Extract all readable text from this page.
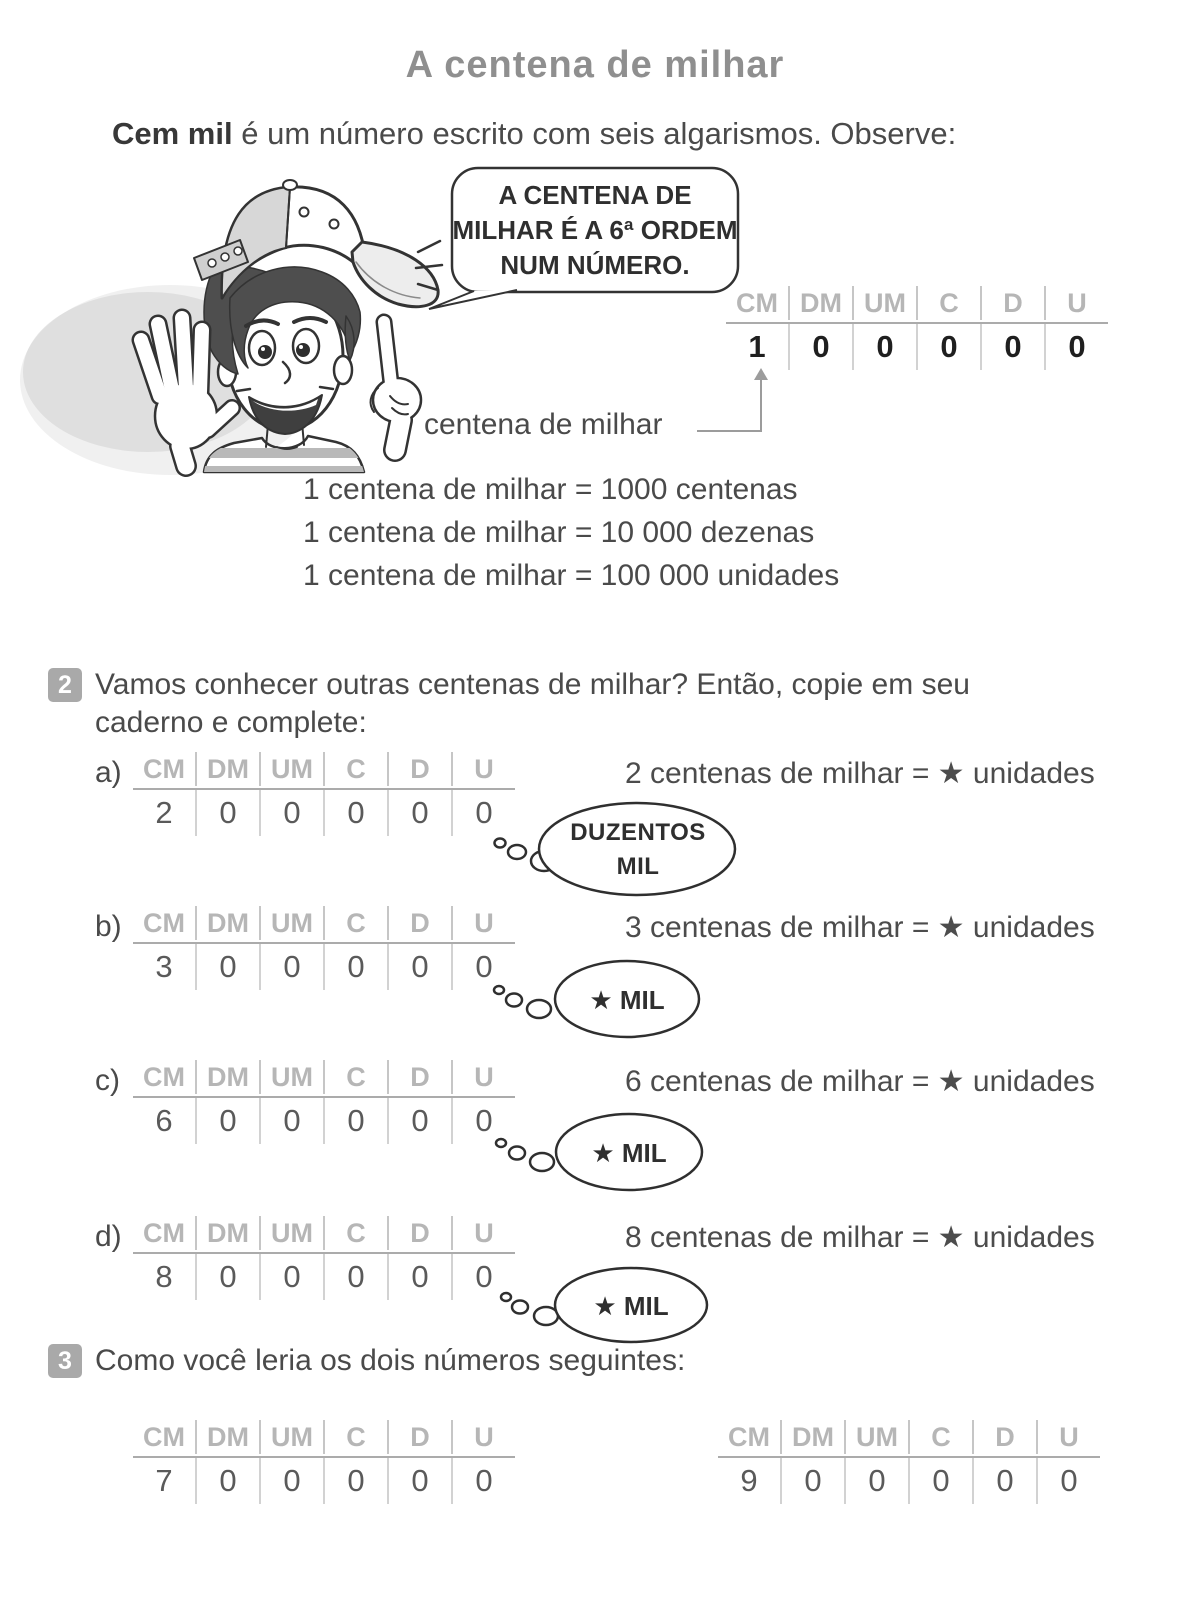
A centena de milhar
Cem mil é um número escrito com seis algarismos. Observe:
A CENTENA DE
MILHAR É A 6ª ORDEM
NUM NÚMERO.
CM DM UM	C	D	U
1	0	0	0	0	0
centena de milhar
1 centena de milhar = 1000 centenas
1 centena de milhar = 10 000 dezenas
1 centena de milhar = 100 000 unidades
2 Vamos conhecer outras centenas de milhar? Então, copie em seu
caderno e complete:
a) CM DM UM	C	D	U
2	0	0	0	0	0
2 centenas de milhar = ★ unidades
DUZENTOS
MIL
b) CM DM UM	C	D	U
3	0	0	0	0	0
3 centenas de milhar = ★ unidades
★ MIL
c) CM DM UM	C	D	U
6	0	0	0	0	0
6 centenas de milhar = ★ unidades
★ MIL
d) CM DM UM	C	D	U
8	0	0	0	0	0
8 centenas de milhar = ★ unidades
★ MIL
3 Como você leria os dois números seguintes:
CM DM UM	C	D	U
7	0	0	0	0	0
CM DM UM	C	D	U
9	0	0	0	0	0
